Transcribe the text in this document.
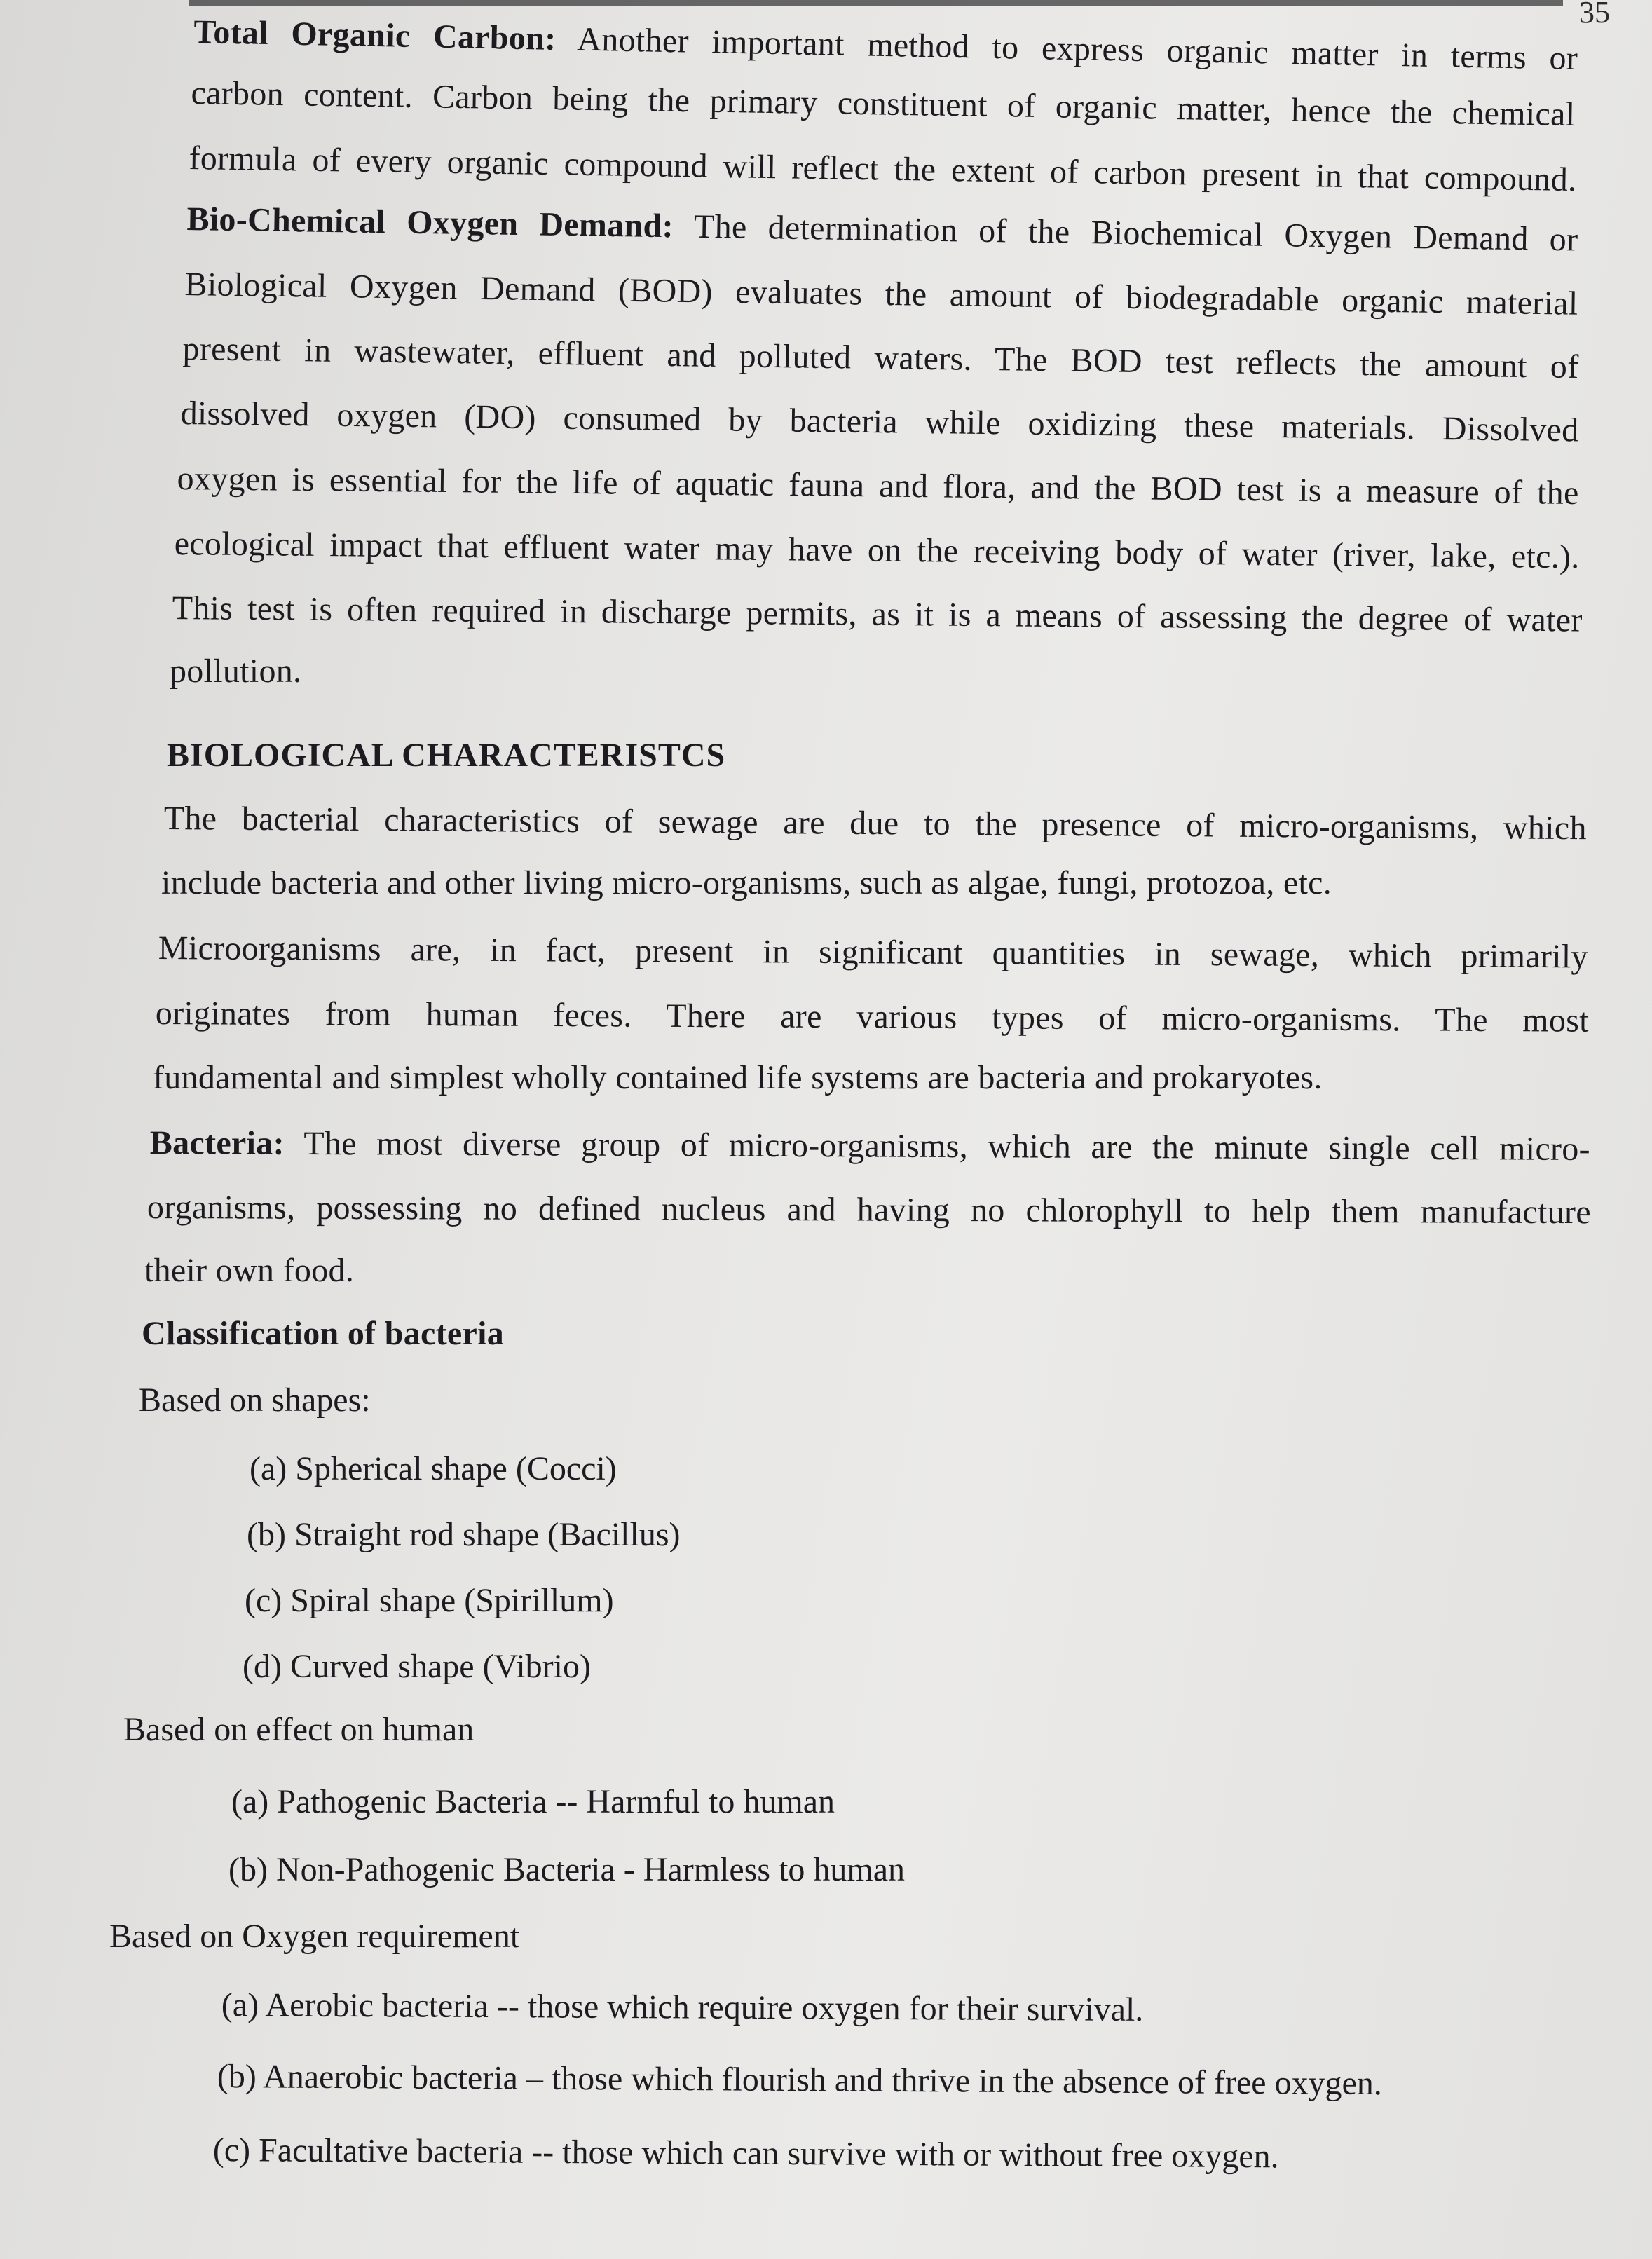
35

Total Organic Carbon: Another important method to express organic matter in terms or

carbon content. Carbon being the primary constituent of organic matter, hence the chemical

formula of every organic compound will reflect the extent of carbon present in that compound.

Bio-Chemical Oxygen Demand: The determination of the Biochemical Oxygen Demand or

Biological Oxygen Demand (BOD) evaluates the amount of biodegradable organic material

present in wastewater, effluent and polluted waters. The BOD test reflects the amount of

dissolved oxygen (DO) consumed by bacteria while oxidizing these materials. Dissolved

oxygen is essential for the life of aquatic fauna and flora, and the BOD test is a measure of the

ecological impact that effluent water may have on the receiving body of water (river, lake, etc.).

This test is often required in discharge permits, as it is a means of assessing the degree of water

pollution.

BIOLOGICAL CHARACTERISTCS

The bacterial characteristics of sewage are due to the presence of micro-organisms, which

include bacteria and other living micro-organisms, such as algae, fungi, protozoa, etc.

Microorganisms are, in fact, present in significant quantities in sewage, which primarily

originates from human feces. There are various types of micro-organisms. The most

fundamental and simplest wholly contained life systems are bacteria and prokaryotes.

Bacteria: The most diverse group of micro-organisms, which are the minute single cell micro-

organisms, possessing no defined nucleus and having no chlorophyll to help them manufacture

their own food.

Classification of bacteria

Based on shapes:

(a) Spherical shape (Cocci)

(b) Straight rod shape (Bacillus)

(c) Spiral shape (Spirillum)

(d) Curved shape (Vibrio)

Based on effect on human

(a) Pathogenic Bacteria -- Harmful to human

(b) Non-Pathogenic Bacteria - Harmless to human

Based on Oxygen requirement

(a) Aerobic bacteria -- those which require oxygen for their survival.

(b) Anaerobic bacteria – those which flourish and thrive in the absence of free oxygen.

(c) Facultative bacteria -- those which can survive with or without free oxygen.
